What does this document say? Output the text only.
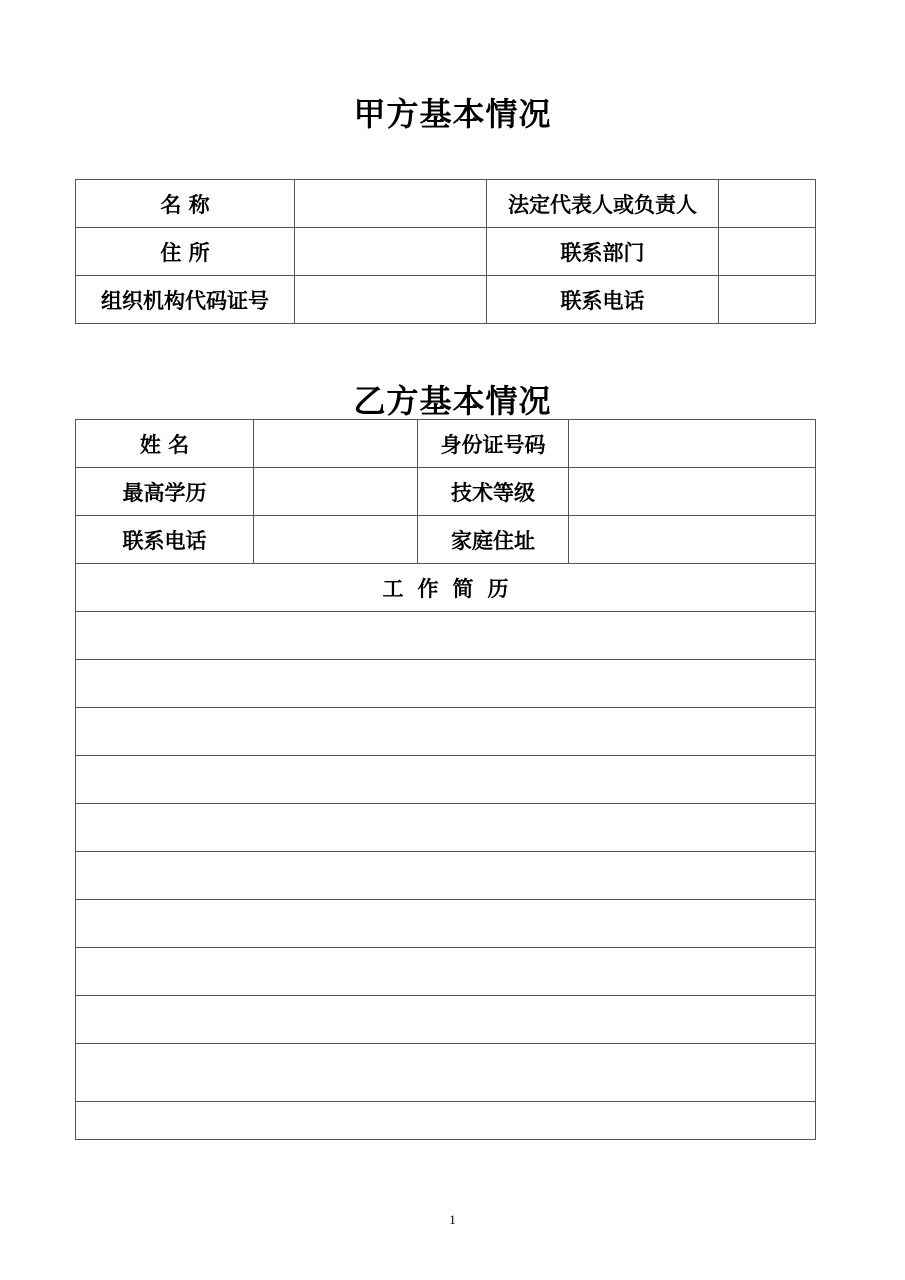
甲方基本情况
名 称		法定代表人或负责人	
住 所		联系部门	
组织机构代码证号		联系电话	
乙方基本情况
姓 名		身份证号码	
最高学历		技术等级	
联系电话		家庭住址	
工作简历			

1
